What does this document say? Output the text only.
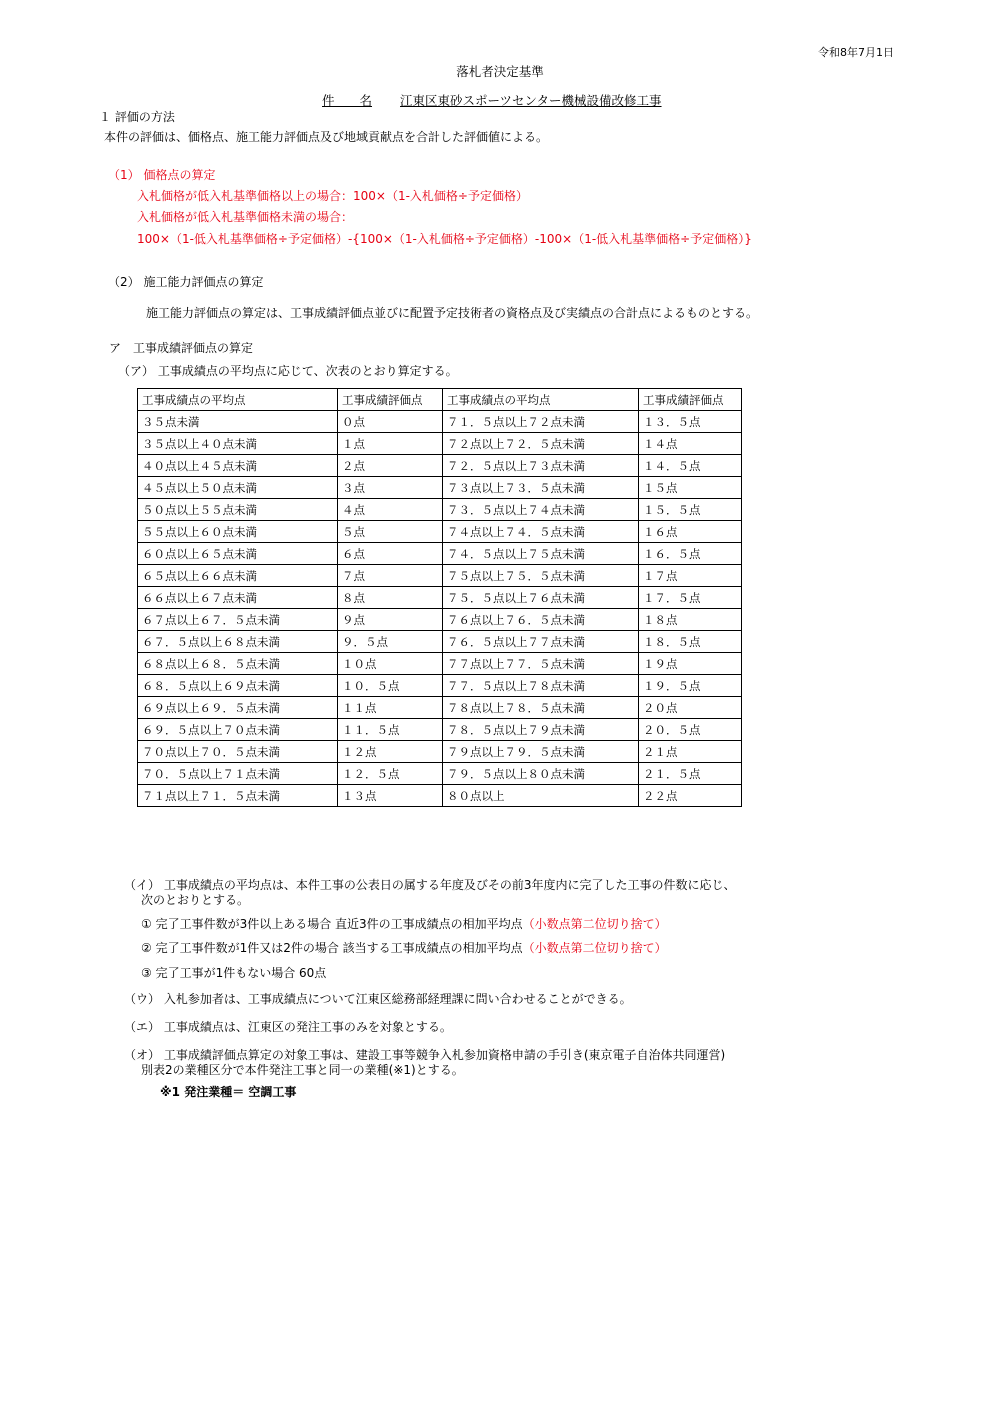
令和8年7月1日
落札者決定基準
件　　名 江東区東砂スポーツセンター機械設備改修工事
１ 評価の方法
本件の評価は、価格点、施工能力評価点及び地域貢献点を合計した評価値による。
（1） 価格点の算定
入札価格が低入札基準価格以上の場合：100×（1-入札価格÷予定価格）
入札価格が低入札基準価格未満の場合：
100×（1-低入札基準価格÷予定価格）-{100×（1-入札価格÷予定価格）-100×（1-低入札基準価格÷予定価格）}
（2） 施工能力評価点の算定
施工能力評価点の算定は、工事成績評価点並びに配置予定技術者の資格点及び実績点の合計点によるものとする。
ア　工事成績評価点の算定
（ア） 工事成績点の平均点に応じて、次表のとおり算定する。
工事成績点の平均点	工事成績評価点	工事成績点の平均点	工事成績評価点
３５点未満	０点	７１．５点以上７２点未満	１３．５点
３５点以上４０点未満	１点	７２点以上７２．５点未満	１４点
４０点以上４５点未満	２点	７２．５点以上７３点未満	１４．５点
４５点以上５０点未満	３点	７３点以上７３．５点未満	１５点
５０点以上５５点未満	４点	７３．５点以上７４点未満	１５．５点
５５点以上６０点未満	５点	７４点以上７４．５点未満	１６点
６０点以上６５点未満	６点	７４．５点以上７５点未満	１６．５点
６５点以上６６点未満	７点	７５点以上７５．５点未満	１７点
６６点以上６７点未満	８点	７５．５点以上７６点未満	１７．５点
６７点以上６７．５点未満	９点	７６点以上７６．５点未満	１８点
６７．５点以上６８点未満	９．５点	７６．５点以上７７点未満	１８．５点
６８点以上６８．５点未満	１０点	７７点以上７７．５点未満	１９点
６８．５点以上６９点未満	１０．５点	７７．５点以上７８点未満	１９．５点
６９点以上６９．５点未満	１１点	７８点以上７８．５点未満	２０点
６９．５点以上７０点未満	１１．５点	７８．５点以上７９点未満	２０．５点
７０点以上７０．５点未満	１２点	７９点以上７９．５点未満	２１点
７０．５点以上７１点未満	１２．５点	７９．５点以上８０点未満	２１．５点
７１点以上７１．５点未満	１３点	８０点以上	２２点
（イ） 工事成績点の平均点は、本件工事の公表日の属する年度及びその前3年度内に完了した工事の件数に応じ、
次のとおりとする。
① 完了工事件数が3件以上ある場合 直近3件の工事成績点の相加平均点（小数点第二位切り捨て）
② 完了工事件数が1件又は2件の場合 該当する工事成績点の相加平均点（小数点第二位切り捨て）
③ 完了工事が1件もない場合 60点
（ウ） 入札参加者は、工事成績点について江東区総務部経理課に問い合わせることができる。
（エ） 工事成績点は、江東区の発注工事のみを対象とする。
（オ） 工事成績評価点算定の対象工事は、建設工事等競争入札参加資格申請の手引き(東京電子自治体共同運営)
別表2の業種区分で本件発注工事と同一の業種(※1)とする。
※1 発注業種＝ 空調工事
